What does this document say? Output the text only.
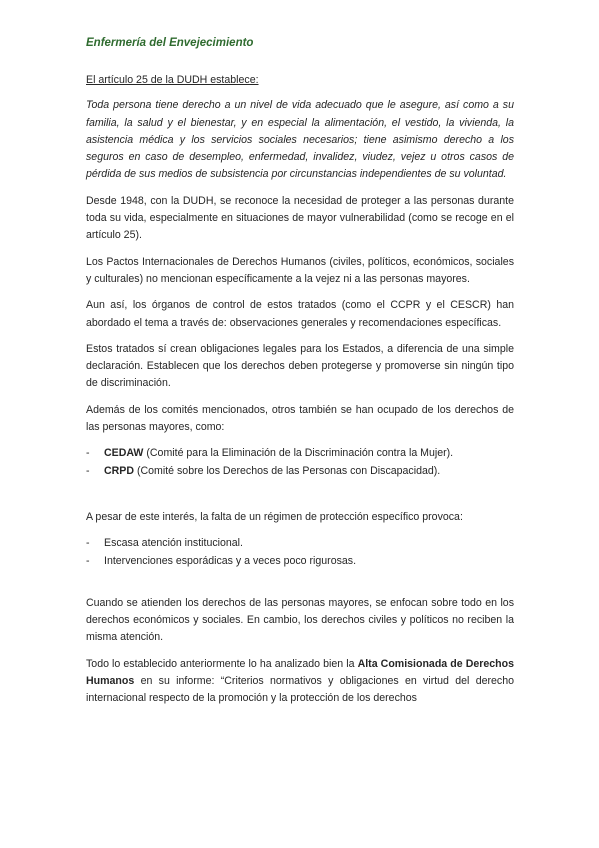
Enfermería del Envejecimiento

El artículo 25 de la DUDH establece:

Toda persona tiene derecho a un nivel de vida adecuado que le asegure, así como a su familia, la salud y el bienestar, y en especial la alimentación, el vestido, la vivienda, la asistencia médica y los servicios sociales necesarios; tiene asimismo derecho a los seguros en caso de desempleo, enfermedad, invalidez, viudez, vejez u otros casos de pérdida de sus medios de subsistencia por circunstancias independientes de su voluntad.

Desde 1948, con la DUDH, se reconoce la necesidad de proteger a las personas durante toda su vida, especialmente en situaciones de mayor vulnerabilidad (como se recoge en el artículo 25).

Los Pactos Internacionales de Derechos Humanos (civiles, políticos, económicos, sociales y culturales) no mencionan específicamente a la vejez ni a las personas mayores.

Aun así, los órganos de control de estos tratados (como el CCPR y el CESCR) han abordado el tema a través de: observaciones generales y recomendaciones específicas.

Estos tratados sí crean obligaciones legales para los Estados, a diferencia de una simple declaración. Establecen que los derechos deben protegerse y promoverse sin ningún tipo de discriminación.

Además de los comités mencionados, otros también se han ocupado de los derechos de las personas mayores, como:

-	CEDAW (Comité para la Eliminación de la Discriminación contra la Mujer).
-	CRPD (Comité sobre los Derechos de las Personas con Discapacidad).

A pesar de este interés, la falta de un régimen de protección específico provoca:

-	Escasa atención institucional.
-	Intervenciones esporádicas y a veces poco rigurosas.

Cuando se atienden los derechos de las personas mayores, se enfocan sobre todo en los derechos económicos y sociales. En cambio, los derechos civiles y políticos no reciben la misma atención.

Todo lo establecido anteriormente lo ha analizado bien la Alta Comisionada de Derechos Humanos en su informe: “Criterios normativos y obligaciones en virtud del derecho internacional respecto de la promoción y la protección de los derechos
